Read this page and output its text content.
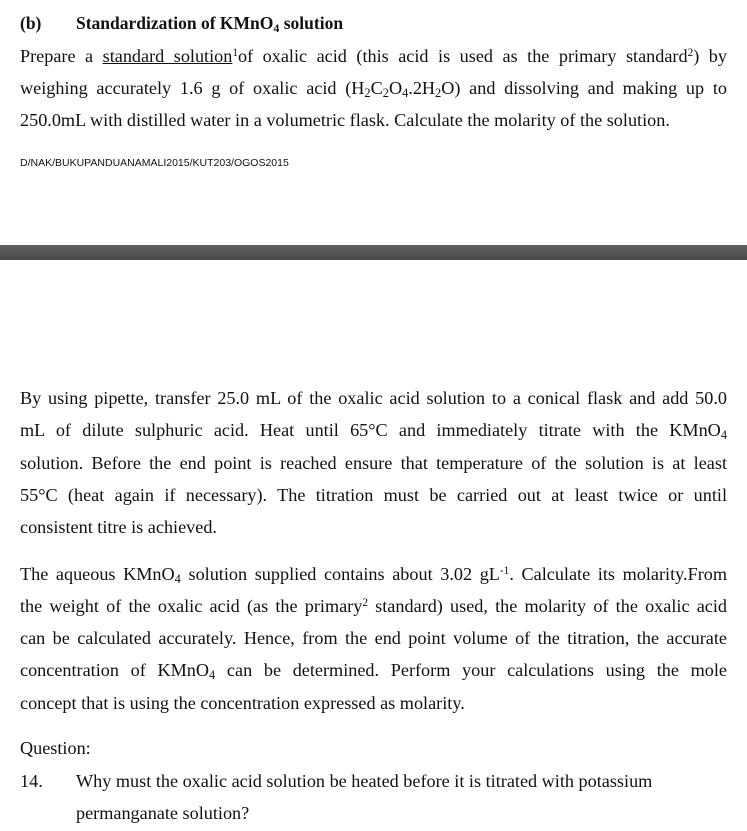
(b) Standardization of KMnO$_4$ solution
Prepare a standard solution$^1$of oxalic acid (this acid is used as the primary standard$^2$) by
weighing accurately 1.6 g of oxalic acid $(H_2C_2O_4.2H_2O)$ and dissolving and making up to
250.0mL with distilled water in a volumetric flask. Calculate the molarity of the solution.
D/NAK/BUKUPANDUANAMALI2015/KUT203/OGOS2015
By using pipette, transfer 25.0 mL of the oxalic acid solution to a conical flask and add 50.0
mL of dilute sulphuric acid. Heat until 65°C and immediately titrate with the KMnO$_4$
solution. Before the end point is reached ensure that temperature of the solution is at least
55°C (heat again if necessary). The titration must be carried out at least twice or until
consistent titre is achieved.
The aqueous KMnO$_4$ solution supplied contains about 3.02 $gL^{-1}$. Calculate its molarity.From
the weight of the oxalic acid (as the primary$^2$ standard) used, the molarity of the oxalic acid
can be calculated accurately. Hence, from the end point volume of the titration, the accurate
concentration of KMnO$_4$ can be determined. Perform your calculations using the mole
concept that is using the concentration expressed as molarity.
Question:
14. Why must the oxalic acid solution be heated before it is titrated with potassium
permanganate solution?
